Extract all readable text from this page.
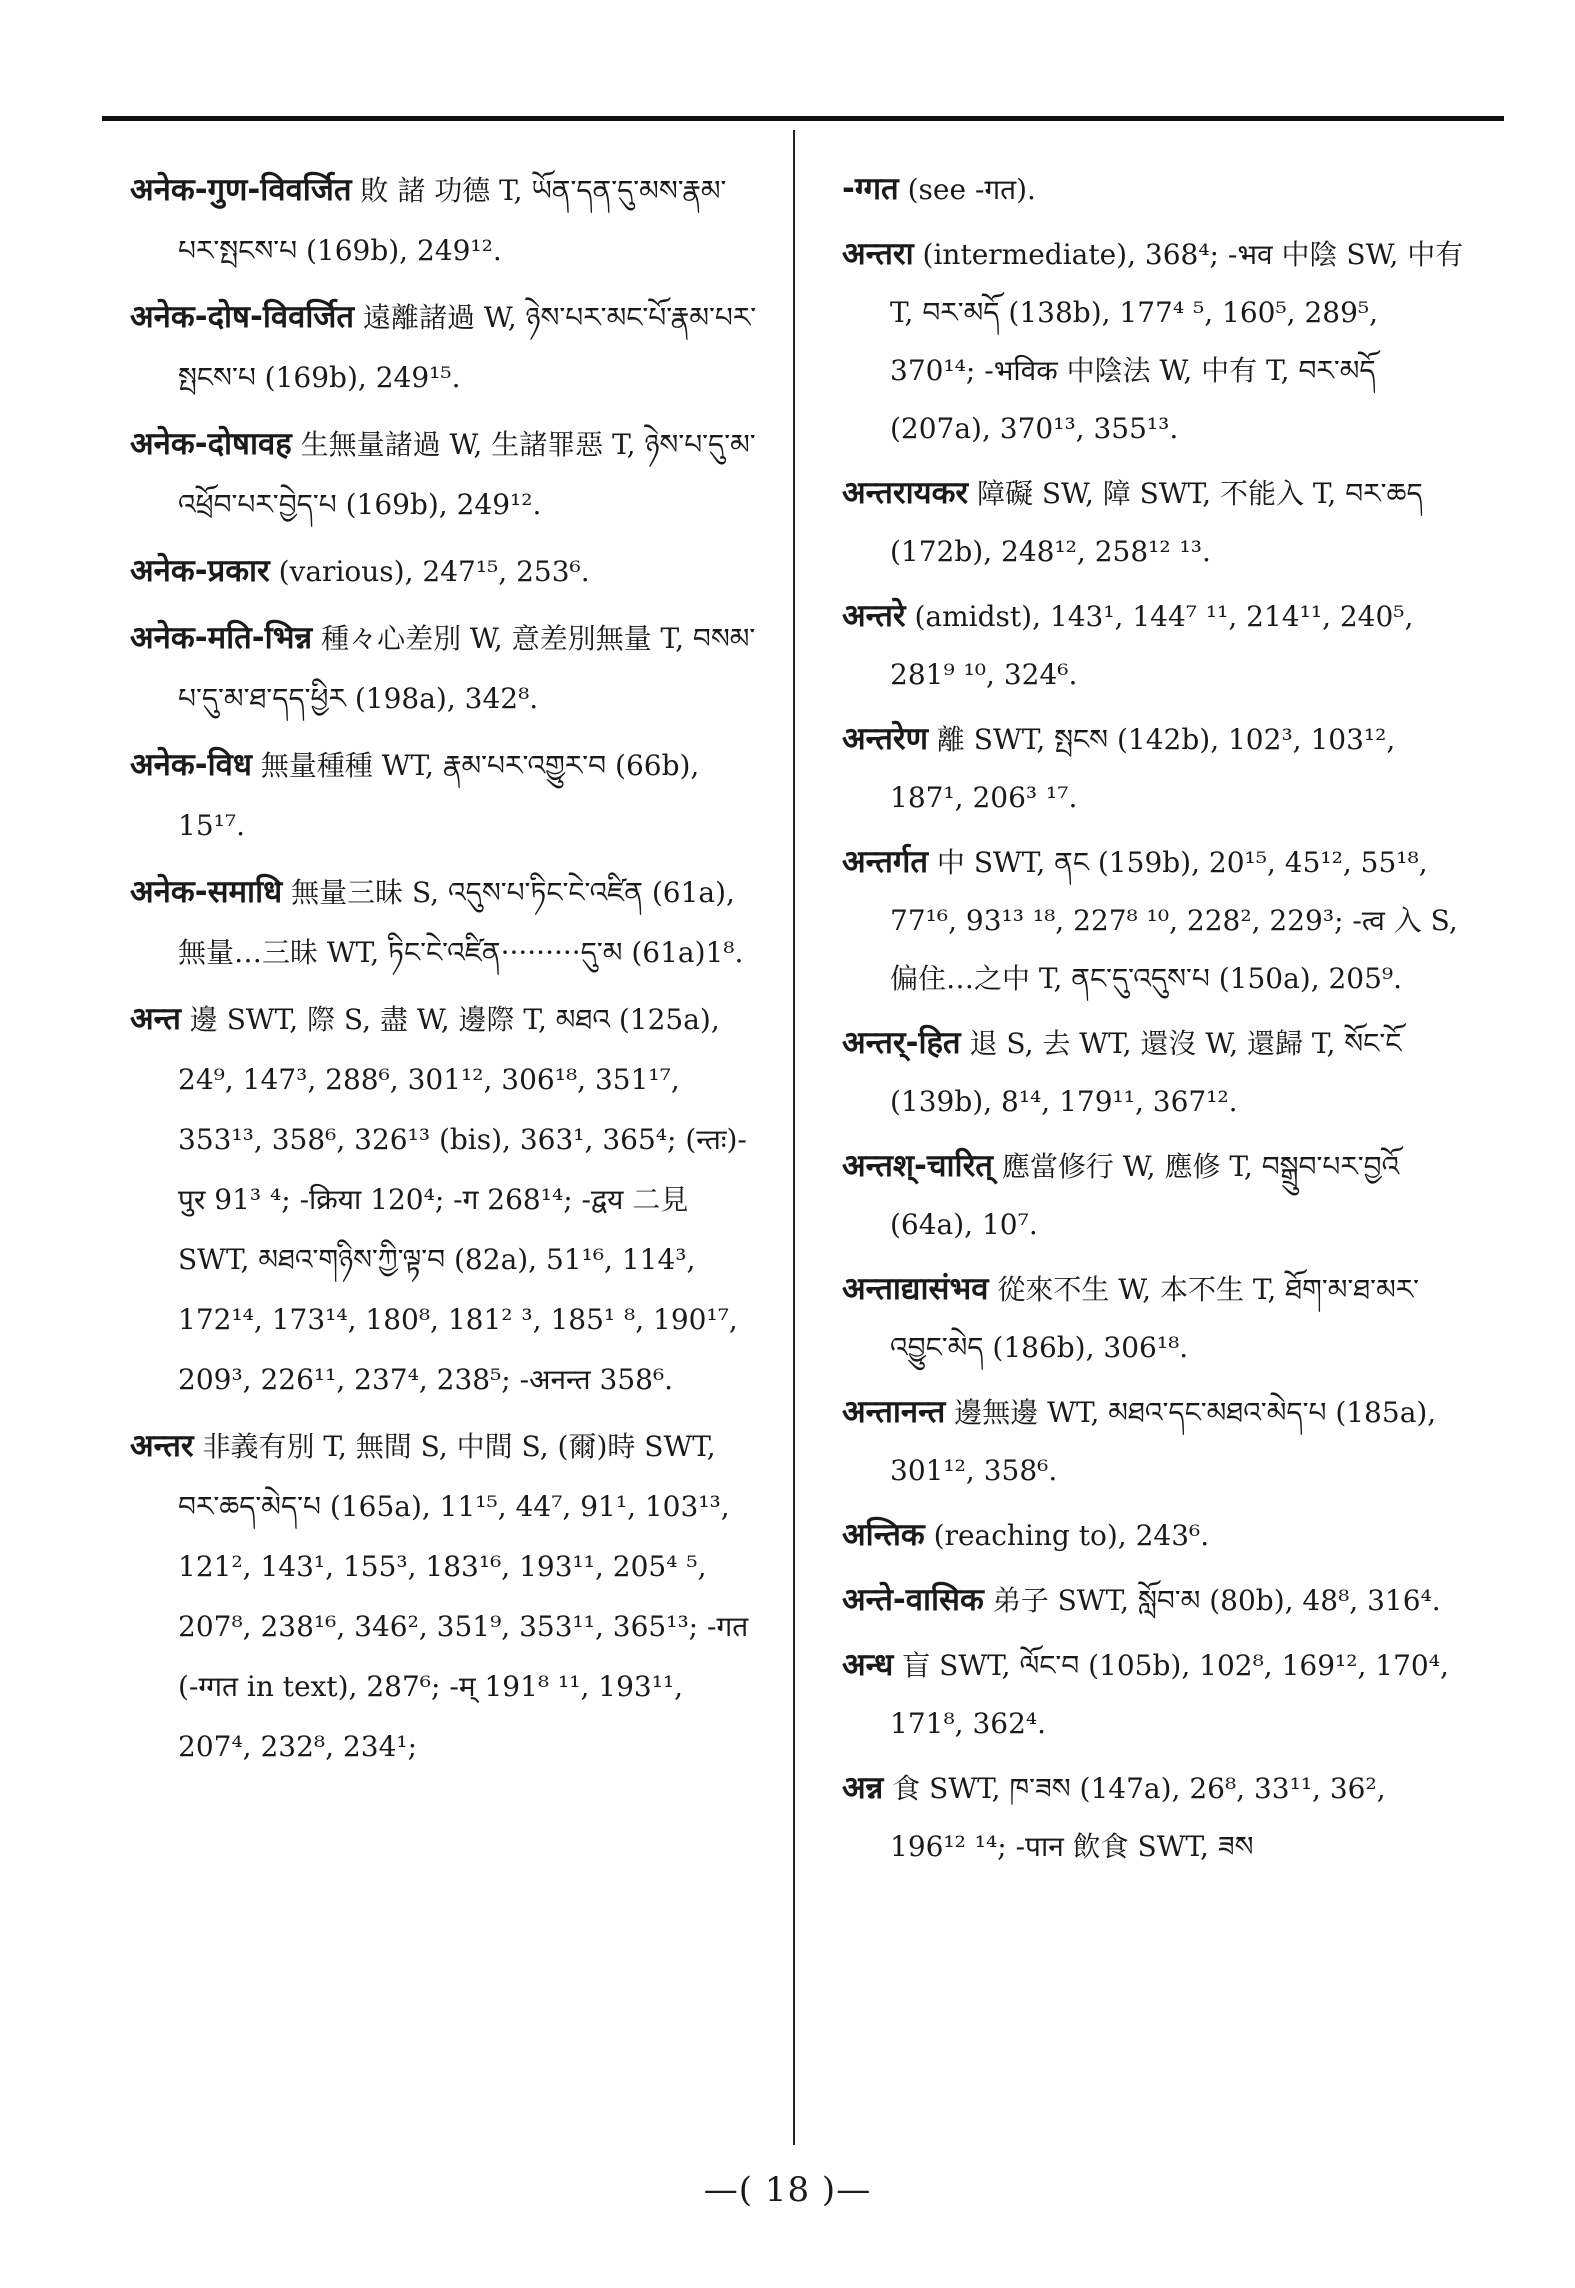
अनेक-गुण-विवर्जित 敗 諸 功德 T, ཡོན་དན་དུ་མས་རྣམ་པར་སྤངས་པ (169b), 249¹².
अनेक-दोष-विवर्जित 遠離諸過 W, ཉེས་པར་མང་པོ་རྣམ་པར་སྤངས་པ (169b), 249¹⁵.
अनेक-दोषावह 生無量諸過 W, 生諸罪惡 T, ཉེས་པ་དུ་མ་འཕྲོབ་པར་བྱེད་པ (169b), 249¹².
अनेक-प्रकार (various), 247¹⁵, 253⁶.
अनेक-मति-भिन्न 種々心差別 W, 意差別無量 T, བསམ་པ་དུ་མ་ཐ་དད་ཕྱིར (198a), 342⁸.
अनेक-विध 無量種種 WT, རྣམ་པར་འགྱུར་བ (66b), 15¹⁷.
अनेक-समाधि 無量三昧 S, འདུས་པ་ཏིང་ངེ་འཛིན (61a), 無量…三昧 WT, ཏིང་ངེ་འཛིན·········དུ་མ (61a)1⁸.
अन्त 邊 SWT, 際 S, 盡 W, 邊際 T, མཐའ (125a), 24⁹, 147³, 288⁶, 301¹², 306¹⁸, 351¹⁷, 353¹³, 358⁶, 326¹³ (bis), 363¹, 365⁴; (न्तः)-पुर 91³ ⁴; -क्रिया 120⁴; -ग 268¹⁴; -द्वय 二見 SWT, མཐའ་གཉིས་ཀྱི་ལྟ་བ (82a), 51¹⁶, 114³, 172¹⁴, 173¹⁴, 180⁸, 181² ³, 185¹ ⁸, 190¹⁷, 209³, 226¹¹, 237⁴, 238⁵; -अनन्त 358⁶.
अन्तर 非義有別 T, 無間 S, 中間 S, (爾)時 SWT, བར་ཆད་མེད་པ (165a), 11¹⁵, 44⁷, 91¹, 103¹³, 121², 143¹, 155³, 183¹⁶, 193¹¹, 205⁴ ⁵, 207⁸, 238¹⁶, 346², 351⁹, 353¹¹, 365¹³; -गत (-ग्गत in text), 287⁶; -म् 191⁸ ¹¹, 193¹¹, 207⁴, 232⁸, 234¹;
-ग्गत (see -गत).
अन्तरा (intermediate), 368⁴; -भव 中陰 SW, 中有 T, བར་མདོ (138b), 177⁴ ⁵, 160⁵, 289⁵, 370¹⁴; -भविक 中陰法 W, 中有 T, བར་མདོ (207a), 370¹³, 355¹³.
अन्तरायकर 障礙 SW, 障 SWT, 不能入 T, བར་ཆད (172b), 248¹², 258¹² ¹³.
अन्तरे (amidst), 143¹, 144⁷ ¹¹, 214¹¹, 240⁵, 281⁹ ¹⁰, 324⁶.
अन्तरेण 離 SWT, སྤངས (142b), 102³, 103¹², 187¹, 206³ ¹⁷.
अन्तर्गत 中 SWT, ནང (159b), 20¹⁵, 45¹², 55¹⁸, 77¹⁶, 93¹³ ¹⁸, 227⁸ ¹⁰, 228², 229³; -त्व 入 S, 偏住…之中 T, ནང་དུ་འདུས་པ (150a), 205⁹.
अन्तर्-हित 退 S, 去 WT, 還沒 W, 還歸 T, སོང་ངོ (139b), 8¹⁴, 179¹¹, 367¹².
अन्तश्-चारित् 應當修行 W, 應修 T, བསྒྲུབ་པར་བྱའོ (64a), 10⁷.
अन्ताद्यासंभव 從來不生 W, 本不生 T, ཐོག་མ་ཐ་མར་འབྱུང་མེད (186b), 306¹⁸.
अन्तानन्त 邊無邊 WT, མཐའ་དང་མཐའ་མེད་པ (185a), 301¹², 358⁶.
अन्तिक (reaching to), 243⁶.
अन्ते-वासिक 弟子 SWT, སློབ་མ (80b), 48⁸, 316⁴.
अन्ध 盲 SWT, ལོང་བ (105b), 102⁸, 169¹², 170⁴, 171⁸, 362⁴.
अन्न 食 SWT, ཁ་ཟས (147a), 26⁸, 33¹¹, 36², 196¹² ¹⁴; -पान 飲食 SWT, ཟས
—( 18 )—
